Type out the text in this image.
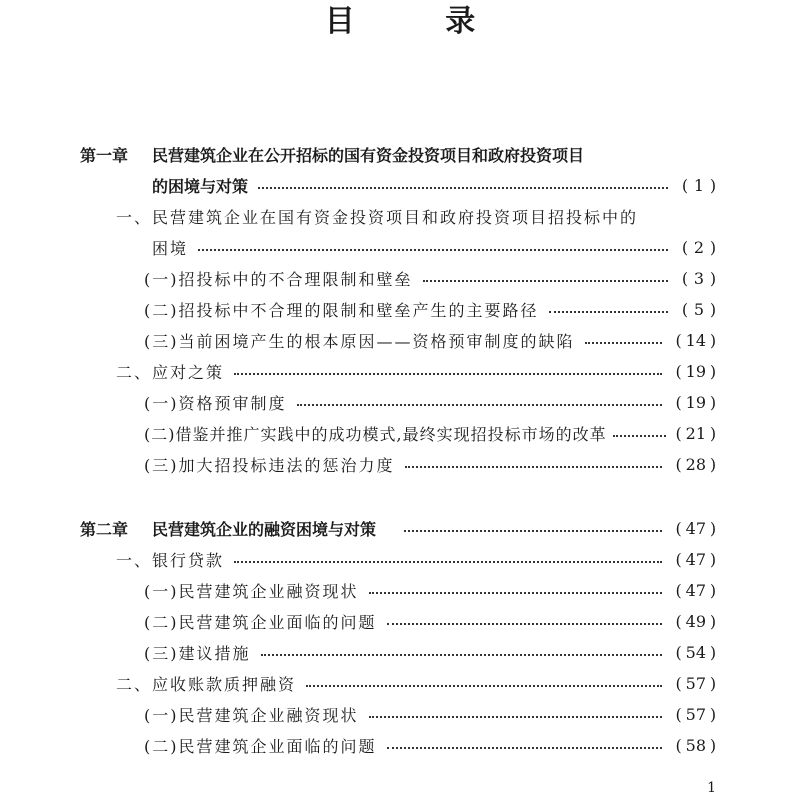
目 录
第一章	民营建筑企业在公开招标的国有资金投资项目和政府投资项目
的困境与对策	( 1 )
一、民营建筑企业在国有资金投资项目和政府投资项目招投标中的
困境	( 2 )
(一)招投标中的不合理限制和壁垒	( 3 )
(二)招投标中不合理的限制和壁垒产生的主要路径	( 5 )
(三)当前困境产生的根本原因——资格预审制度的缺陷	( 14 )
二、应对之策	( 19 )
(一)资格预审制度	( 19 )
(二)借鉴并推广实践中的成功模式,最终实现招投标市场的改革	( 21 )
(三)加大招投标违法的惩治力度	( 28 )
第二章	民营建筑企业的融资困境与对策	( 47 )
一、银行贷款	( 47 )
(一)民营建筑企业融资现状	( 47 )
(二)民营建筑企业面临的问题	( 49 )
(三)建议措施	( 54 )
二、应收账款质押融资	( 57 )
(一)民营建筑企业融资现状	( 57 )
(二)民营建筑企业面临的问题	( 58 )
1
